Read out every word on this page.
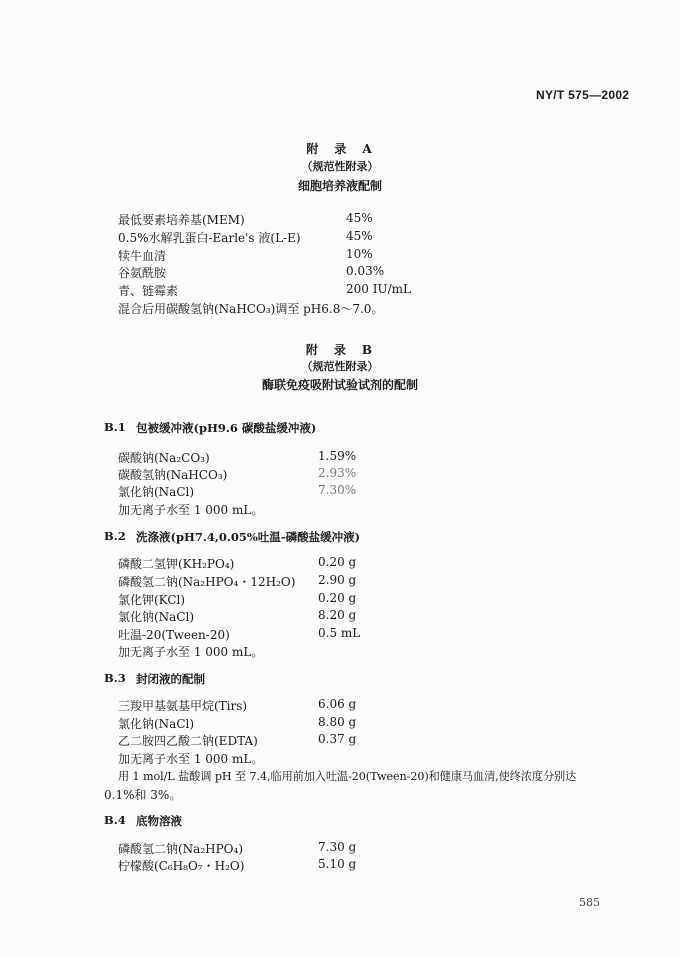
NY/T 575—2002
附　录　A
（规范性附录）
细胞培养液配制
最低要素培养基(MEM)	45%
0.5%水解乳蛋白-Earle's 液(L-E)	45%
犊牛血清	10%
谷氨酰胺	0.03%
青、链霉素	200 IU/mL
混合后用碳酸氢钠(NaHCO₃)调至 pH6.8～7.0。
附　录　B
（规范性附录）
酶联免疫吸附试验试剂的配制
B.1 包被缓冲液(pH9.6 碳酸盐缓冲液)
碳酸钠(Na₂CO₃)	1.59%
碳酸氢钠(NaHCO₃)	2.93%
氯化钠(NaCl)	7.30%
加无离子水至 1 000 mL。
B.2 洗涤液(pH7.4,0.05%吐温-磷酸盐缓冲液)
磷酸二氢钾(KH₂PO₄)	0.20 g
磷酸氢二钠(Na₂HPO₄・12H₂O) 2.90 g
氯化钾(KCl)	0.20 g
氯化钠(NaCl)	8.20 g
吐温-20(Tween-20)	0.5 mL
加无离子水至 1 000 mL。
B.3 封闭液的配制
三羧甲基氨基甲烷(Tirs)	6.06 g
氯化钠(NaCl)	8.80 g
乙二胺四乙酸二钠(EDTA)	0.37 g
加无离子水至 1 000 mL。
用 1 mol/L 盐酸调 pH 至 7.4,临用前加入吐温-20(Tween-20)和健康马血清,使终浓度分别达
0.1%和 3%。
B.4 底物溶液
磷酸氢二钠(Na₂HPO₄)	7.30 g
柠檬酸(C₆H₈O₇・H₂O)	5.10 g
585
